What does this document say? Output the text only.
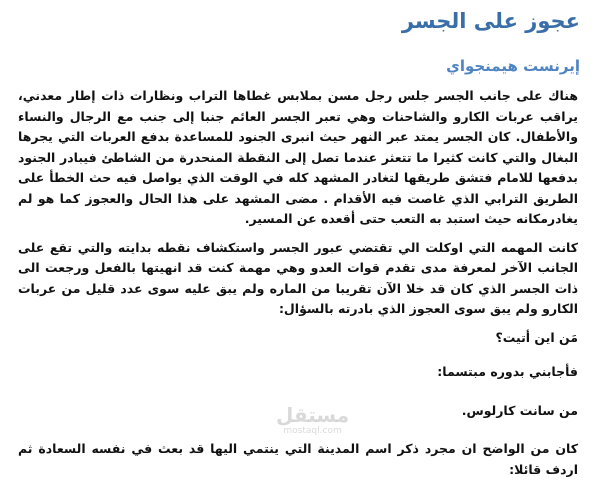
عجوز على الجسر
إيرنست هيمنجواي

هناك على جانب الجسر جلس رجل مسن بملابس غطاها التراب ونظارات ذات إطار معدني، يراقب عربات الكارو والشاحنات وهي تعبر الجسر العائم جنبا إلى جنب مع الرجال والنساء والأطفال. كان الجسر يمتد عبر النهر حيث انبرى الجنود للمساعدة بدفع العربات التي يجرها البغال والتي كانت كثيرا ما تتعثر عندما تصل إلى النقطة المنحدرة من الشاطئ فيبادر الجنود بدفعها للامام فتشق طريقها لتغادر المشهد كله في الوقت الذي يواصل فيه حث الخطأ على الطريق الترابي الذي غاصت فيه الأقدام . مضى المشهد على هذا الحال والعجوز كما هو لم يغادرمكانه حيث استبد به التعب حتى أقعده عن المسير.

كانت المهمه التي اوكلت الي تقتضي عبور الجسر واستكشاف نقطه بدايته والتي تقع على الجانب الآخر لمعرفة مدى تقدم قوات العدو وهي مهمة كنت قد انهيتها بالفعل ورجعت الى ذات الجسر الذي كان قد خلا الآن تقريبا من الماره ولم يبق عليه سوى عدد قليل من عربات الكارو ولم يبق سوى العجوز الذي بادرته بالسؤال:

مَن اين أتيت؟

فأجابني بدوره مبتسما:

من سانت كارلوس.

كان من الواضح ان مجرد ذكر اسم المدينة التي ينتمي اليها قد بعث في نفسه السعادة ثم اردف قائلا:

مستقل
mostaql.com
